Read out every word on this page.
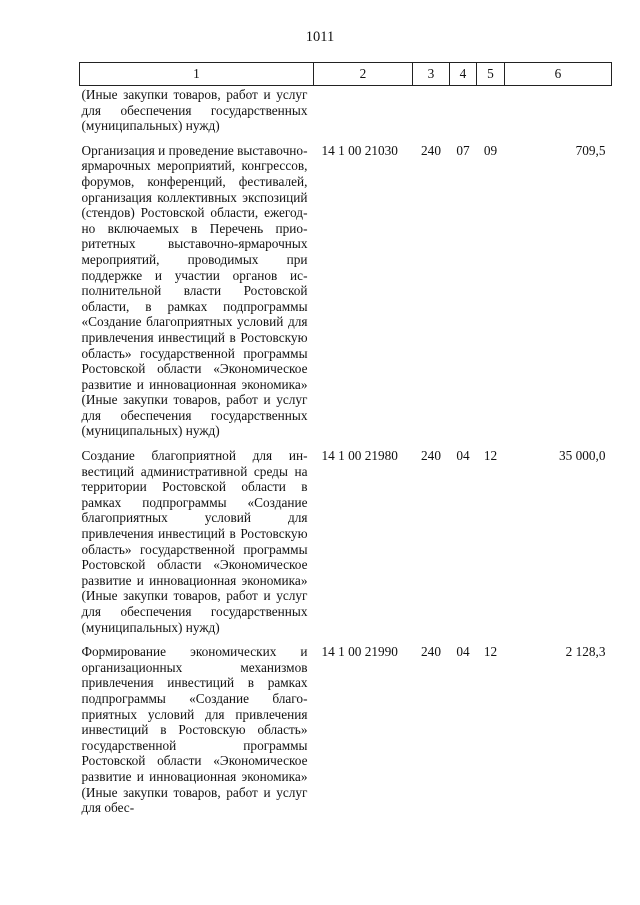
1011
1	2	3	4	5	6
(Иные закупки товаров, работ и услуг для обеспечения государственных (муниципальных) нужд)					
Организация и проведение выставочно-ярмарочных мероприятий, конгрессов, форумов, конференций, фестивалей, организация коллективных экспозиций (стендов) Ростовской области, ежегодно включаемых в Перечень приоритетных выставочно-ярмарочных мероприятий, проводимых при поддержке и участии органов исполнительной власти Ростовской области, в рамках подпрограммы «Создание благоприятных условий для привлечения инвестиций в Ростовскую область» государственной программы Ростовской области «Экономическое развитие и инновационная экономика» (Иные закупки товаров, работ и услуг для обеспечения государственных (муниципальных) нужд)	14 1 00 21030	240	07	09	709,5
Создание благоприятной для инвестиций административной среды на территории Ростовской области в рамках подпрограммы «Создание благоприятных условий для привлечения инвестиций в Ростовскую область» государственной программы Ростовской области «Экономическое развитие и инновационная экономика» (Иные закупки товаров, работ и услуг для обеспечения государственных (муниципальных) нужд)	14 1 00 21980	240	04	12	35 000,0
Формирование экономических и организационных механизмов привлечения инвестиций в рамках подпрограммы «Создание благоприятных условий для привлечения инвестиций в Ростовскую область» государственной программы Ростовской области «Экономическое развитие и инновационная экономика» (Иные закупки товаров, работ и услуг для обес-	14 1 00 21990	240	04	12	2 128,3
